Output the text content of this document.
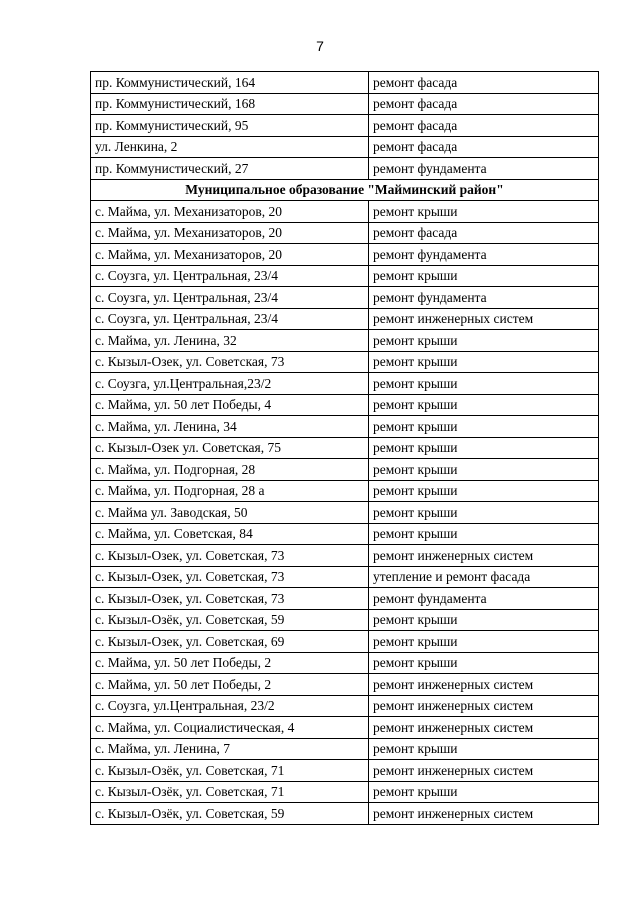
7
пр. Коммунистический, 164	ремонт фасада
пр. Коммунистический, 168	ремонт фасада
пр. Коммунистический, 95	ремонт фасада
ул. Ленкина, 2	ремонт фасада
пр. Коммунистический, 27	ремонт фундамента
Муниципальное образование "Майминский район"	
с. Майма, ул. Механизаторов, 20	ремонт крыши
с. Майма, ул. Механизаторов, 20	ремонт фасада
с. Майма, ул. Механизаторов, 20	ремонт фундамента
с. Соузга, ул. Центральная, 23/4	ремонт крыши
с. Соузга, ул. Центральная, 23/4	ремонт фундамента
с. Соузга, ул. Центральная, 23/4	ремонт инженерных систем
с. Майма, ул. Ленина, 32	ремонт крыши
с. Кызыл-Озек, ул. Советская, 73	ремонт крыши
с. Соузга, ул.Центральная,23/2	ремонт крыши
с. Майма, ул. 50 лет Победы, 4	ремонт крыши
с. Майма, ул. Ленина, 34	ремонт крыши
с. Кызыл-Озек ул. Советская, 75	ремонт крыши
с. Майма, ул. Подгорная, 28	ремонт крыши
с. Майма, ул. Подгорная, 28 а	ремонт крыши
с. Майма ул. Заводская, 50	ремонт крыши
с. Майма, ул. Советская, 84	ремонт крыши
с. Кызыл-Озек, ул. Советская, 73	ремонт инженерных систем
с. Кызыл-Озек, ул. Советская, 73	утепление и ремонт фасада
с. Кызыл-Озек, ул. Советская, 73	ремонт фундамента
с. Кызыл-Озёк, ул. Советская, 59	ремонт крыши
с. Кызыл-Озек, ул. Советская, 69	ремонт крыши
с. Майма, ул. 50 лет Победы, 2	ремонт крыши
с. Майма, ул. 50 лет Победы, 2	ремонт инженерных систем
с. Соузга, ул.Центральная, 23/2	ремонт инженерных систем
с. Майма, ул. Социалистическая, 4	ремонт инженерных систем
с. Майма, ул. Ленина, 7	ремонт крыши
с. Кызыл-Озёк, ул. Советская, 71	ремонт инженерных систем
с. Кызыл-Озёк, ул. Советская, 71	ремонт крыши
с. Кызыл-Озёк, ул. Советская, 59	ремонт инженерных систем
